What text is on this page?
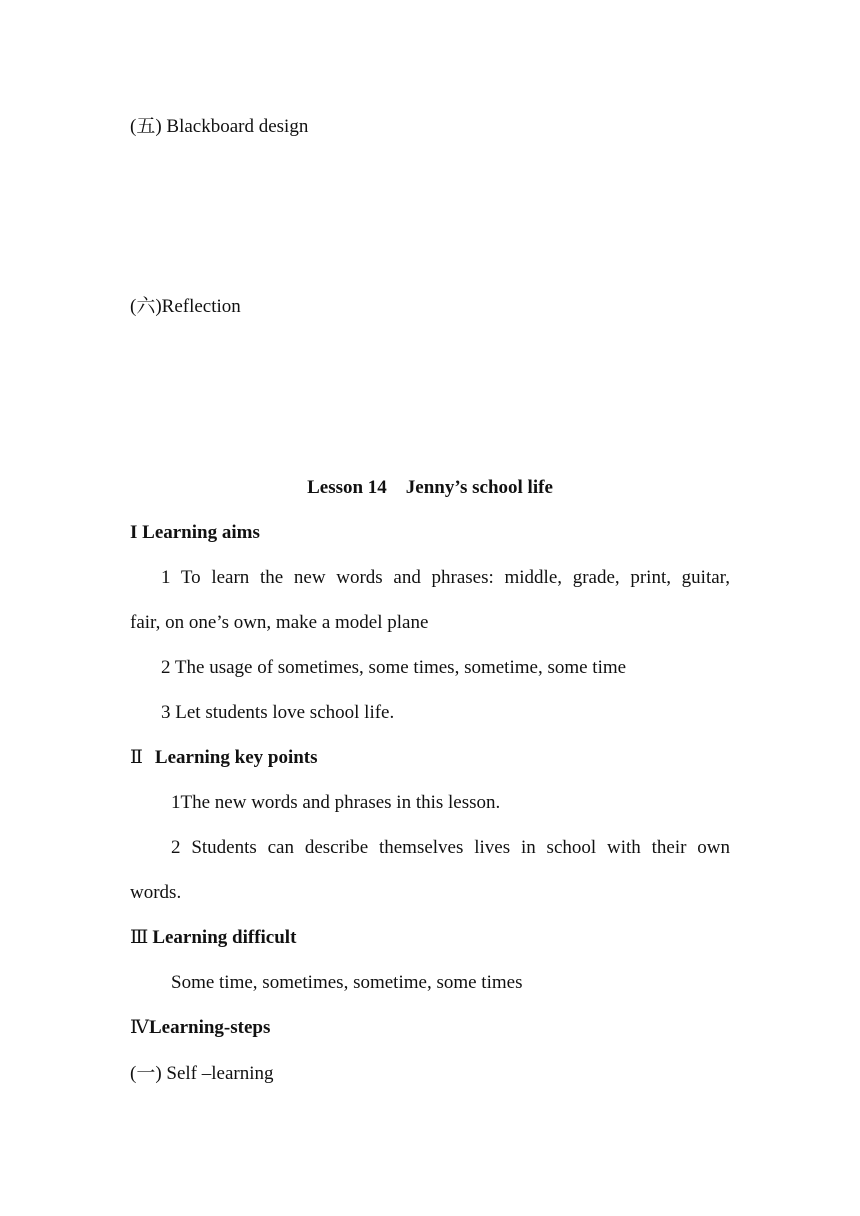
(五) Blackboard design
(六)Reflection
Lesson 14    Jenny’s school life
I Learning aims
1 To learn the new words and phrases: middle, grade, print, guitar,
fair, on one’s own, make a model plane
2 The usage of sometimes, some times, sometime, some time
3 Let students love school life.
Ⅱ Learning key points
1The new words and phrases in this lesson.
2 Students can describe themselves lives in school with their own
words.
Ⅲ Learning difficult
Some time, sometimes, sometime, some times
ⅣLearning-steps
(一) Self –learning
